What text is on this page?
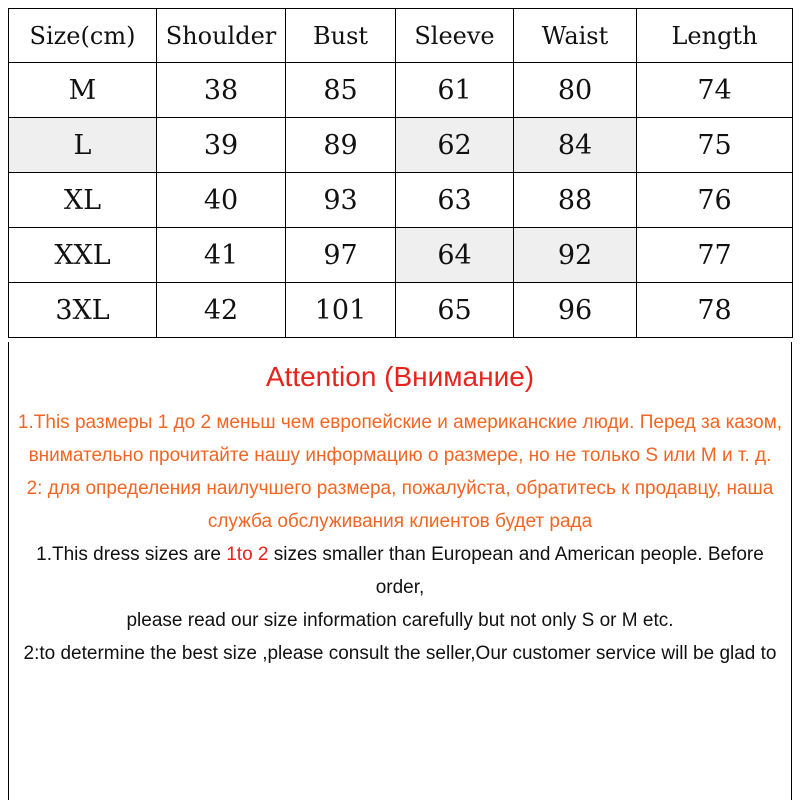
Size(cm)	Shoulder	Bust	Sleeve	Waist	Length
M	38	85	61	80	74
L	39	89	62	84	75
XL	40	93	63	88	76
XXL	41	97	64	92	77
3XL	42	101	65	96	78
Attention (Внимание)
1.This размеры 1 до 2 меньш чем европейские и американские люди. Перед за казом,
внимательно прочитайте нашу информацию о размере, но не только S или M и т. д.
2: для определения наилучшего размера, пожалуйста, обратитесь к продавцу, наша служба обслуживания клиентов будет рада
1.This dress sizes are 1to 2 sizes smaller than European and American people. Before order,
please read our size information carefully but not only S or M etc.
2:to determine the best size ,please consult the seller,Our customer service will be glad to
